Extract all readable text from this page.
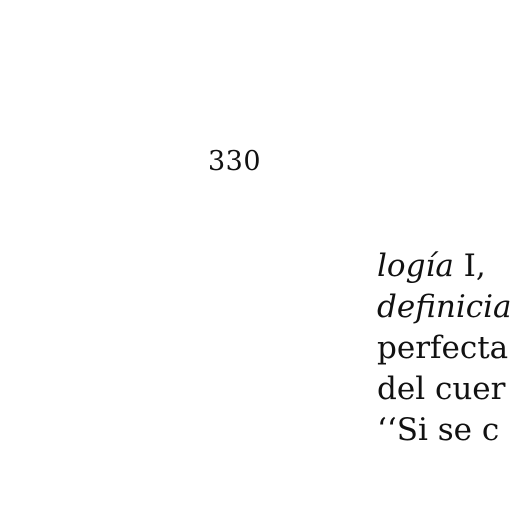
330
logía I,
definicia
perfecta
del cuer
‘‘Si se c
